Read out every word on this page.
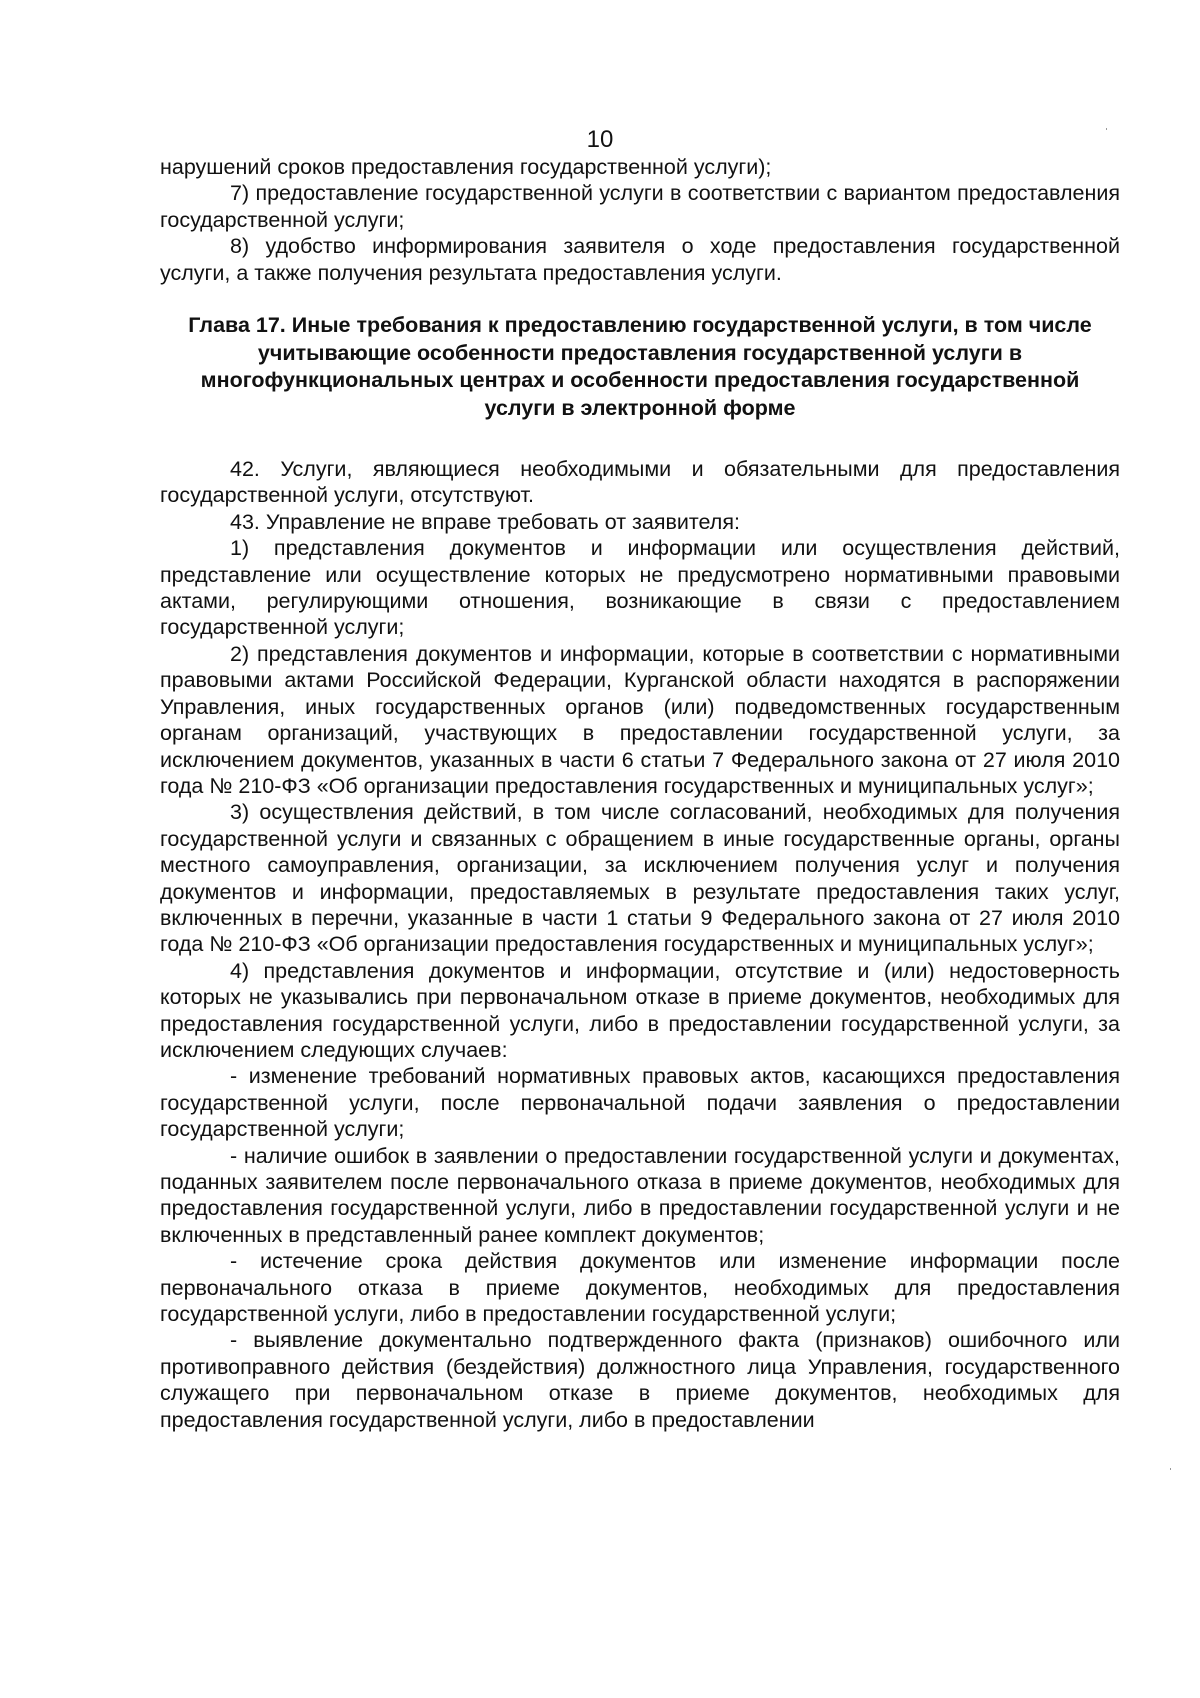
10

нарушений сроков предоставления государственной услуги);

7) предоставление государственной услуги в соответствии с вариантом предоставления государственной услуги;

8) удобство информирования заявителя о ходе предоставления государственной услуги, а также получения результата предоставления услуги.

Глава 17. Иные требования к предоставлению государственной услуги, в том числе учитывающие особенности предоставления государственной услуги в многофункциональных центрах и особенности предоставления государственной услуги в электронной форме

42. Услуги, являющиеся необходимыми и обязательными для предоставления государственной услуги, отсутствуют.

43. Управление не вправе требовать от заявителя:

1) представления документов и информации или осуществления действий, представление или осуществление которых не предусмотрено нормативными правовыми актами, регулирующими отношения, возникающие в связи с предоставлением государственной услуги;

2) представления документов и информации, которые в соответствии с нормативными правовыми актами Российской Федерации, Курганской области находятся в распоряжении Управления, иных государственных органов (или) подведомственных государственным органам организаций, участвующих в предоставлении государственной услуги, за исключением документов, указанных в части 6 статьи 7 Федерального закона от 27 июля 2010 года № 210-ФЗ «Об организации предоставления государственных и муниципальных услуг»;

3) осуществления действий, в том числе согласований, необходимых для получения государственной услуги и связанных с обращением в иные государственные органы, органы местного самоуправления, организации, за исключением получения услуг и получения документов и информации, предоставляемых в результате предоставления таких услуг, включенных в перечни, указанные в части 1 статьи 9 Федерального закона от 27 июля 2010 года № 210-ФЗ «Об организации предоставления государственных и муниципальных услуг»;

4) представления документов и информации, отсутствие и (или) недостоверность которых не указывались при первоначальном отказе в приеме документов, необходимых для предоставления государственной услуги, либо в предоставлении государственной услуги, за исключением следующих случаев:

- изменение требований нормативных правовых актов, касающихся предоставления государственной услуги, после первоначальной подачи заявления о предоставлении государственной услуги;

- наличие ошибок в заявлении о предоставлении государственной услуги и документах, поданных заявителем после первоначального отказа в приеме документов, необходимых для предоставления государственной услуги, либо в предоставлении государственной услуги и не включенных в представленный ранее комплект документов;

- истечение срока действия документов или изменение информации после первоначального отказа в приеме документов, необходимых для предоставления государственной услуги, либо в предоставлении государственной услуги;

- выявление документально подтвержденного факта (признаков) ошибочного или противоправного действия (бездействия) должностного лица Управления, государственного служащего при первоначальном отказе в приеме документов, необходимых для предоставления государственной услуги, либо в предоставлении
